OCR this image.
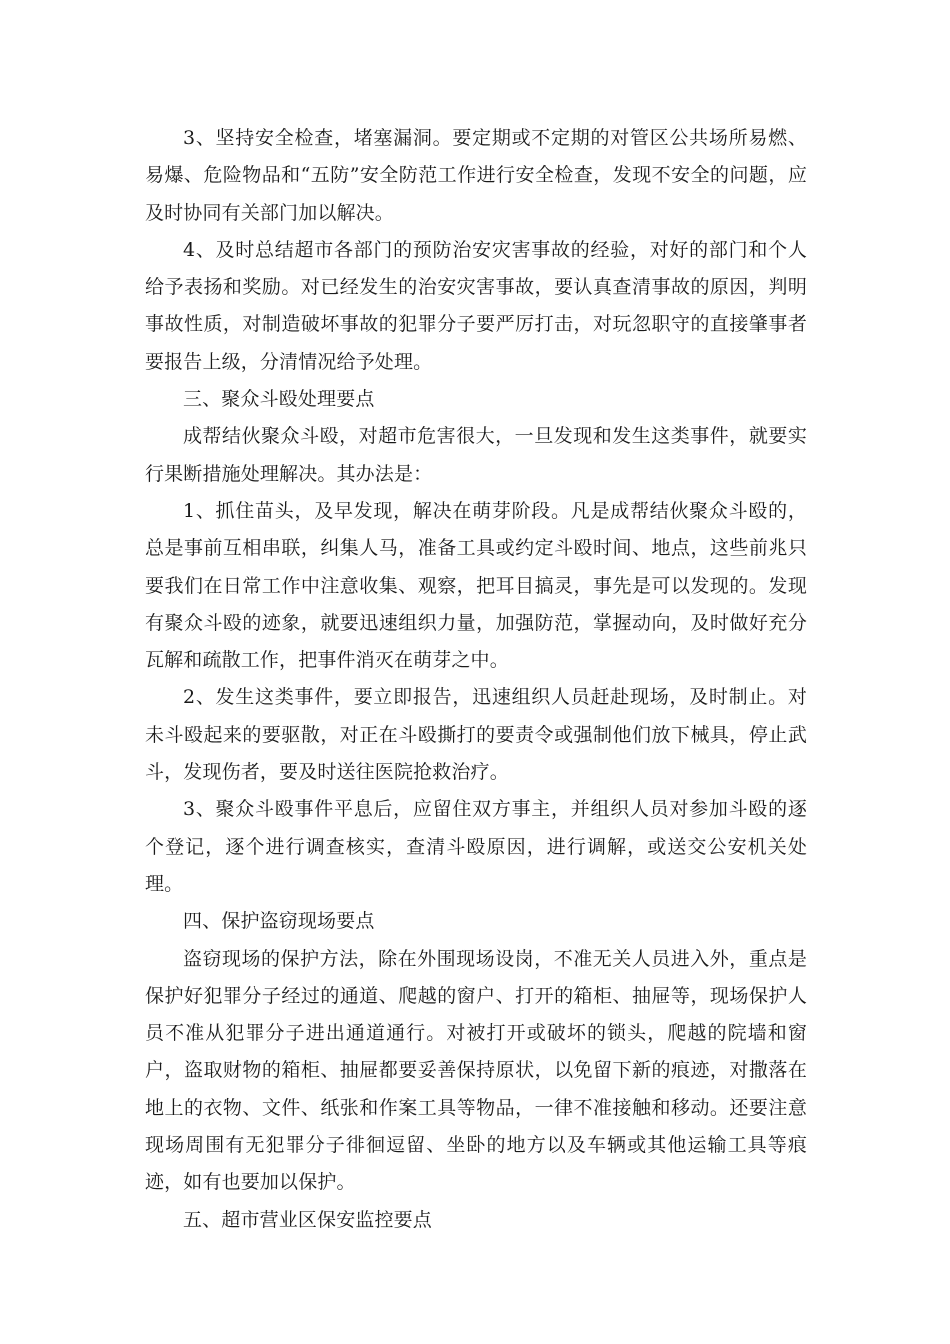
3、坚持安全检查，堵塞漏洞。要定期或不定期的对管区公共场所易燃、易爆、危险物品和“五防”安全防范工作进行安全检查，发现不安全的问题，应及时协同有关部门加以解决。

4、及时总结超市各部门的预防治安灾害事故的经验，对好的部门和个人给予表扬和奖励。对已经发生的治安灾害事故，要认真查清事故的原因，判明事故性质，对制造破坏事故的犯罪分子要严厉打击，对玩忽职守的直接肇事者要报告上级，分清情况给予处理。

三、聚众斗殴处理要点

成帮结伙聚众斗殴，对超市危害很大，一旦发现和发生这类事件，就要实行果断措施处理解决。其办法是：

1、抓住苗头，及早发现，解决在萌芽阶段。凡是成帮结伙聚众斗殴的，总是事前互相串联，纠集人马，准备工具或约定斗殴时间、地点，这些前兆只要我们在日常工作中注意收集、观察，把耳目搞灵，事先是可以发现的。发现有聚众斗殴的迹象，就要迅速组织力量，加强防范，掌握动向，及时做好充分瓦解和疏散工作，把事件消灭在萌芽之中。

2、发生这类事件，要立即报告，迅速组织人员赶赴现场，及时制止。对未斗殴起来的要驱散，对正在斗殴撕打的要责令或强制他们放下械具，停止武斗，发现伤者，要及时送往医院抢救治疗。

3、聚众斗殴事件平息后，应留住双方事主，并组织人员对参加斗殴的逐个登记，逐个进行调查核实，查清斗殴原因，进行调解，或送交公安机关处理。

四、保护盗窃现场要点

盗窃现场的保护方法，除在外围现场设岗，不准无关人员进入外，重点是保护好犯罪分子经过的通道、爬越的窗户、打开的箱柜、抽屉等，现场保护人员不准从犯罪分子进出通道通行。对被打开或破坏的锁头，爬越的院墙和窗户，盗取财物的箱柜、抽屉都要妥善保持原状，以免留下新的痕迹，对撒落在地上的衣物、文件、纸张和作案工具等物品，一律不准接触和移动。还要注意现场周围有无犯罪分子徘徊逗留、坐卧的地方以及车辆或其他运输工具等痕迹，如有也要加以保护。

五、超市营业区保安监控要点
